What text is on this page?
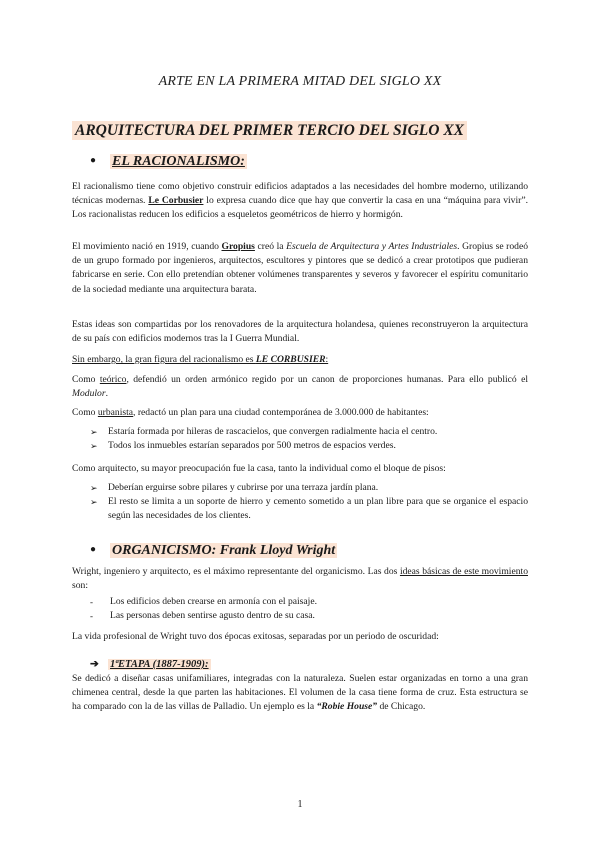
ARTE EN LA PRIMERA MITAD DEL SIGLO XX
ARQUITECTURA DEL PRIMER TERCIO DEL SIGLO XX
● EL RACIONALISMO:
El racionalismo tiene como objetivo construir edificios adaptados a las necesidades del hombre moderno, utilizando técnicas modernas. Le Corbusier lo expresa cuando dice que hay que convertir la casa en una “máquina para vivir”. Los racionalistas reducen los edificios a esqueletos geométricos de hierro y hormigón.
El movimiento nació en 1919, cuando Gropius creó la Escuela de Arquitectura y Artes Industriales. Gropius se rodeó de un grupo formado por ingenieros, arquitectos, escultores y pintores que se dedicó a crear prototipos que pudieran fabricarse en serie. Con ello pretendían obtener volúmenes transparentes y severos y favorecer el espíritu comunitario de la sociedad mediante una arquitectura barata.
Estas ideas son compartidas por los renovadores de la arquitectura holandesa, quienes reconstruyeron la arquitectura de su país con edificios modernos tras la I Guerra Mundial.
Sin embargo, la gran figura del racionalismo es LE CORBUSIER:
Como teórico, defendió un orden armónico regido por un canon de proporciones humanas. Para ello publicó el Modulor.
Como urbanista, redactó un plan para una ciudad contemporánea de 3.000.000 de habitantes:
➢	Estaría formada por hileras de rascacielos, que convergen radialmente hacia el centro.
➢	Todos los inmuebles estarían separados por 500 metros de espacios verdes.
Como arquitecto, su mayor preocupación fue la casa, tanto la individual como el bloque de pisos:
➢	Deberían erguirse sobre pilares y cubrirse por una terraza jardín plana.
➢	El resto se limita a un soporte de hierro y cemento sometido a un plan libre para que se organice el espacio según las necesidades de los clientes.
● ORGANICISMO: Frank Lloyd Wright
Wright, ingeniero y arquitecto, es el máximo representante del organicismo. Las dos ideas básicas de este movimiento son:
-	Los edificios deben crearse en armonía con el paisaje.
-	Las personas deben sentirse agusto dentro de su casa.
La vida profesional de Wright tuvo dos épocas exitosas, separadas por un periodo de oscuridad:
➔ 1ªETAPA (1887-1909):
Se dedicó a diseñar casas unifamiliares, integradas con la naturaleza. Suelen estar organizadas en torno a una gran chimenea central, desde la que parten las habitaciones. El volumen de la casa tiene forma de cruz. Esta estructura se ha comparado con la de las villas de Palladio. Un ejemplo es la “Robie House” de Chicago.
1
